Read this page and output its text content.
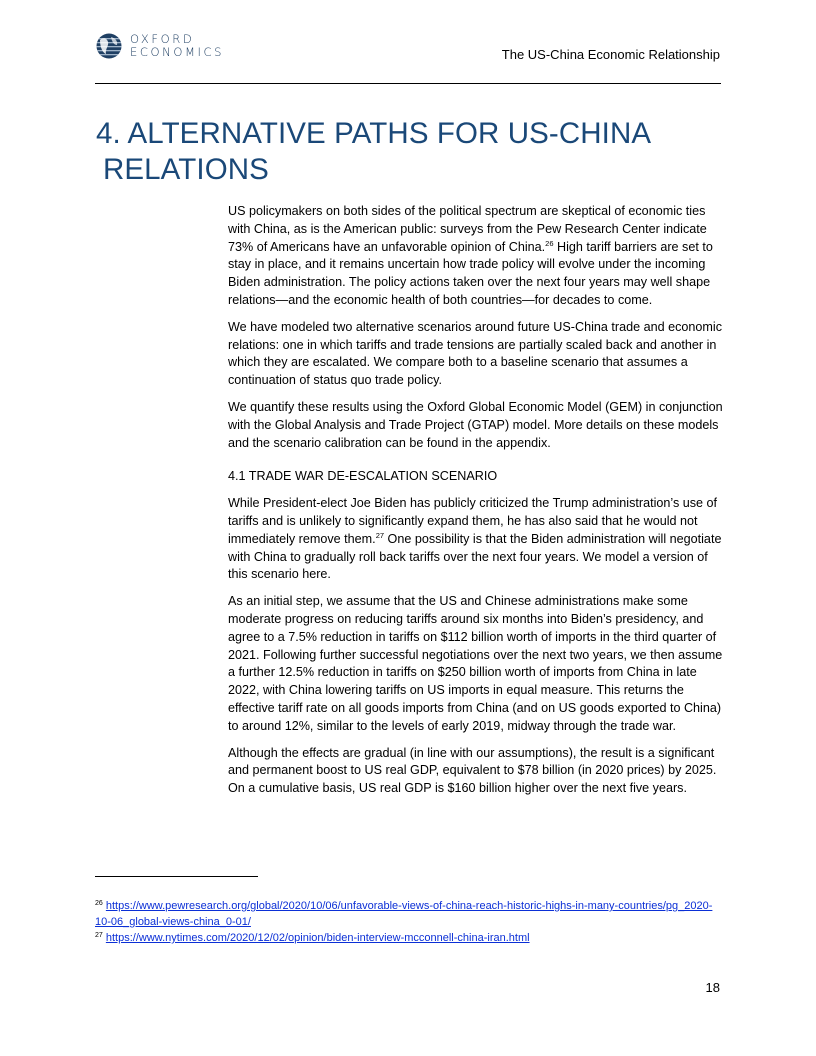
OXFORD
ECONOMICS	The US-China Economic Relationship
4. ALTERNATIVE PATHS FOR US-CHINA
RELATIONS

US policymakers on both sides of the political spectrum are skeptical of economic ties with China, as is the American public: surveys from the Pew Research Center indicate 73% of Americans have an unfavorable opinion of China.$^{26}$ High tariff barriers are set to stay in place, and it remains uncertain how trade policy will evolve under the incoming Biden administration. The policy actions taken over the next four years may well shape relations—and the economic health of both countries—for decades to come.

We have modeled two alternative scenarios around future US-China trade and economic relations: one in which tariffs and trade tensions are partially scaled back and another in which they are escalated. We compare both to a baseline scenario that assumes a continuation of status quo trade policy.

We quantify these results using the Oxford Global Economic Model (GEM) in conjunction with the Global Analysis and Trade Project (GTAP) model. More details on these models and the scenario calibration can be found in the appendix.

4.1 TRADE WAR DE-ESCALATION SCENARIO

While President-elect Joe Biden has publicly criticized the Trump administration’s use of tariffs and is unlikely to significantly expand them, he has also said that he would not immediately remove them.$^{27}$ One possibility is that the Biden administration will negotiate with China to gradually roll back tariffs over the next four years. We model a version of this scenario here.

As an initial step, we assume that the US and Chinese administrations make some moderate progress on reducing tariffs around six months into Biden’s presidency, and agree to a 7.5% reduction in tariffs on $112 billion worth of imports in the third quarter of 2021. Following further successful negotiations over the next two years, we then assume a further 12.5% reduction in tariffs on $250 billion worth of imports from China in late 2022, with China lowering tariffs on US imports in equal measure. This returns the effective tariff rate on all goods imports from China (and on US goods exported to China) to around 12%, similar to the levels of early 2019, midway through the trade war.

Although the effects are gradual (in line with our assumptions), the result is a significant and permanent boost to US real GDP, equivalent to $78 billion (in 2020 prices) by 2025. On a cumulative basis, US real GDP is $160 billion higher over the next five years.

$^{26}$ https://www.pewresearch.org/global/2020/10/06/unfavorable-views-of-china-reach-historic-highs-in-many-countries/pg_2020-10-06_global-views-china_0-01/

$^{27}$ https://www.nytimes.com/2020/12/02/opinion/biden-interview-mcconnell-china-iran.html

18
